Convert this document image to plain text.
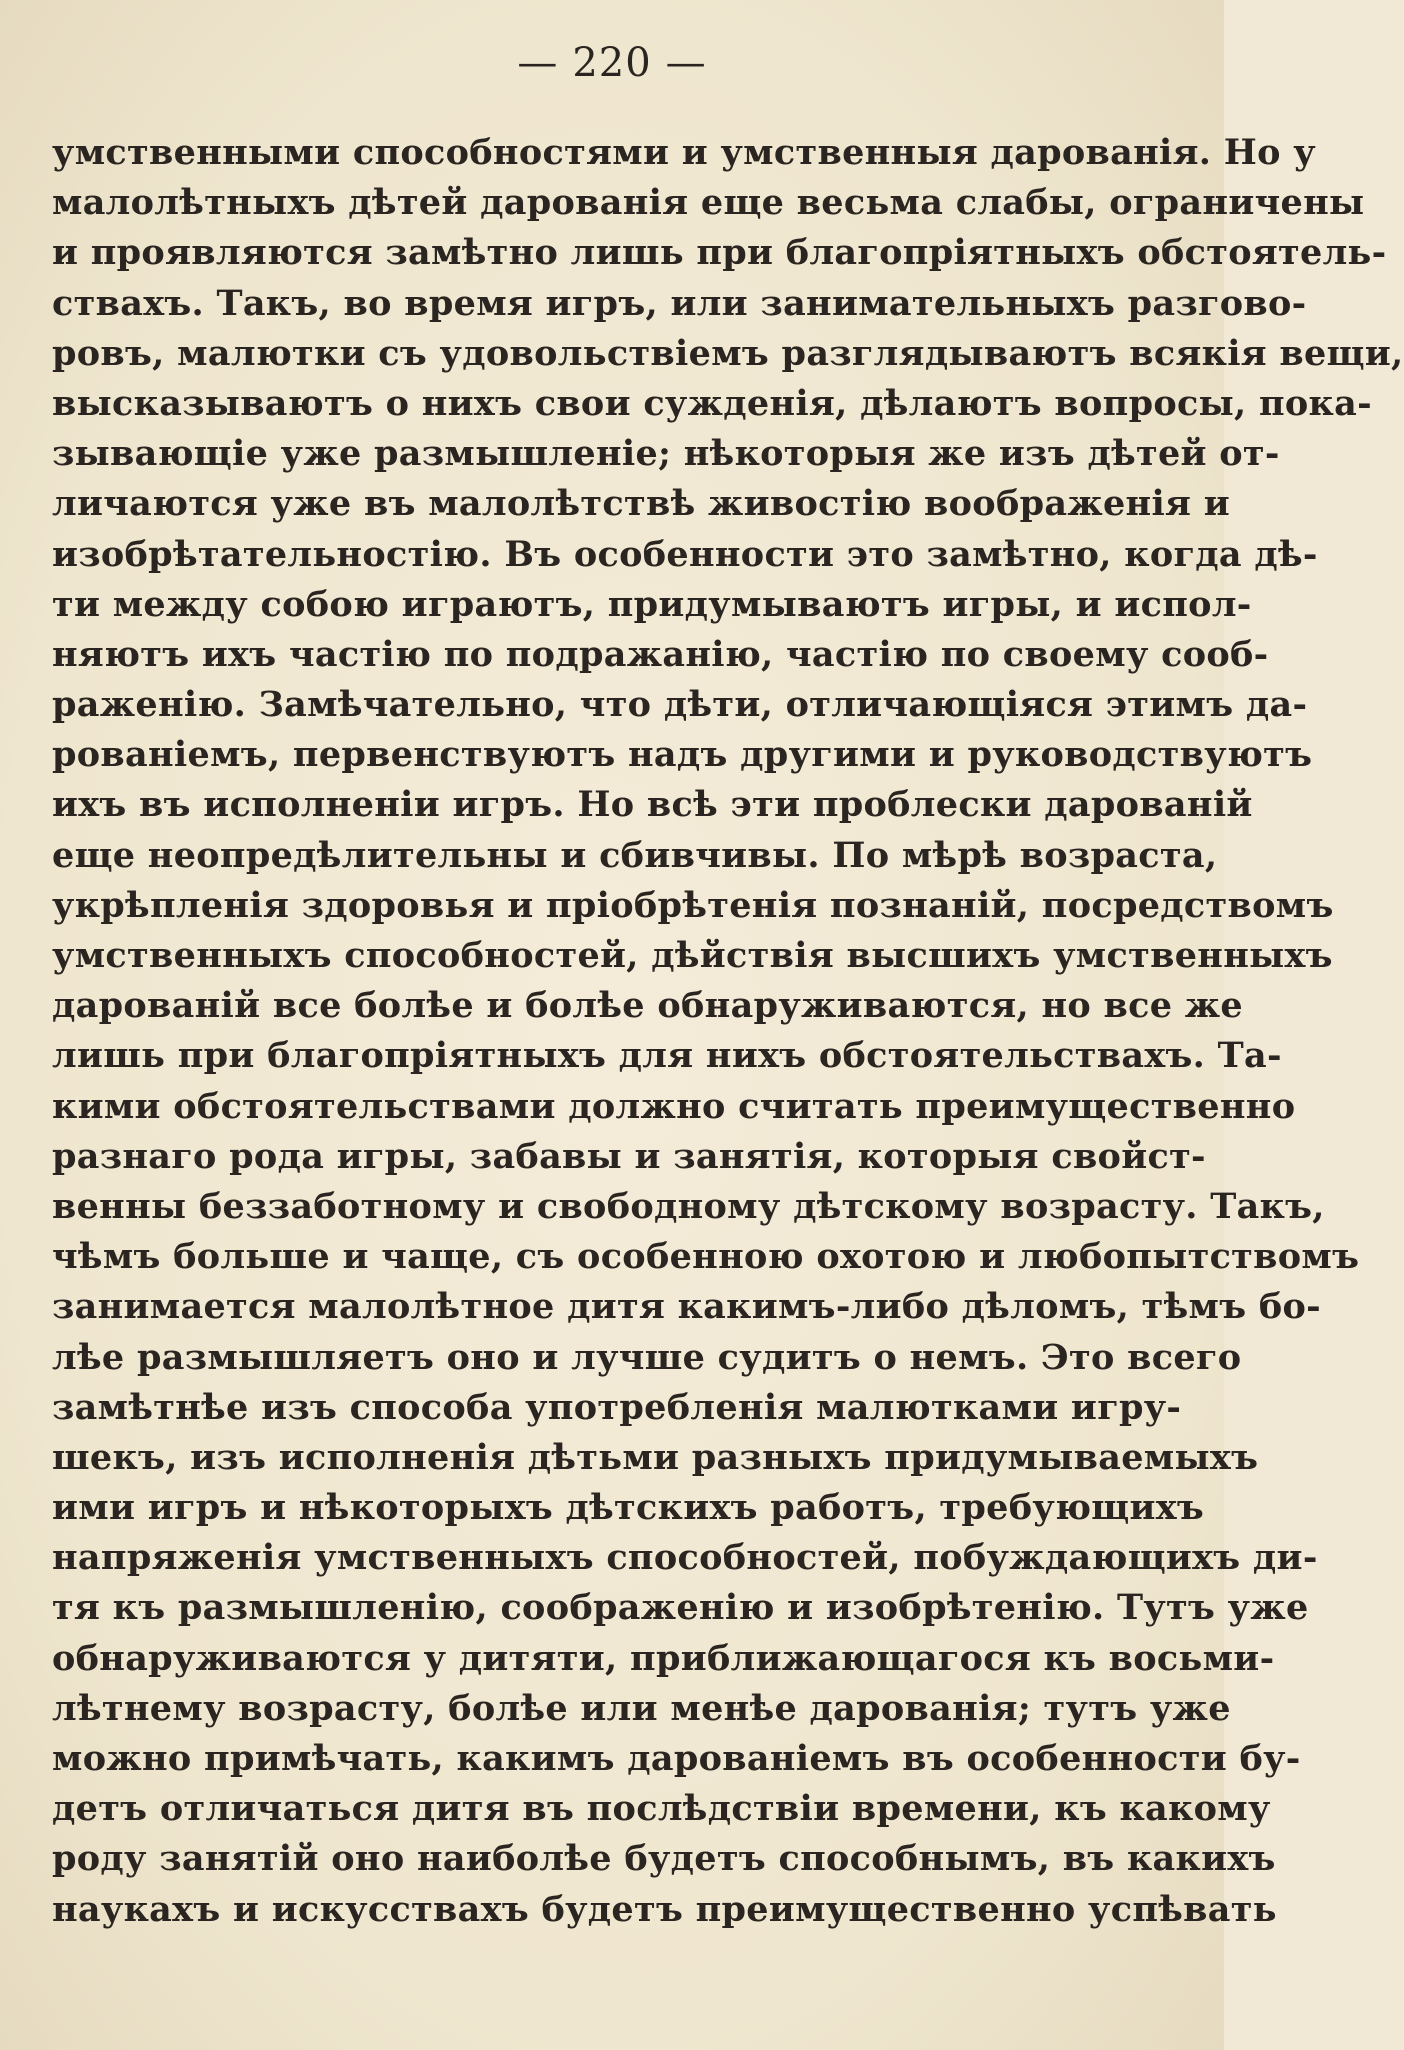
— 220 —
умственными способностями и умственныя дарованія. Но у
малолѣтныхъ дѣтей дарованія еще весьма слабы, ограничены
и проявляются замѣтно лишь при благопріятныхъ обстоятель-
ствахъ. Такъ, во время игръ, или занимательныхъ разгово-
ровъ, малютки съ удовольствіемъ разглядываютъ всякія вещи,
высказываютъ о нихъ свои сужденія, дѣлаютъ вопросы, пока-
зывающіе уже размышленіе; нѣкоторыя же изъ дѣтей от-
личаются уже въ малолѣтствѣ живостію воображенія и
изобрѣтательностію. Въ особенности это замѣтно, когда дѣ-
ти между собою играютъ, придумываютъ игры, и испол-
няютъ ихъ частію по подражанію, частію по своему сооб-
раженію. Замѣчательно, что дѣти, отличающіяся этимъ да-
рованіемъ, первенствуютъ надъ другими и руководствуютъ
ихъ въ исполненіи игръ. Но всѣ эти проблески дарованій
еще неопредѣлительны и сбивчивы. По мѣрѣ возраста,
укрѣпленія здоровья и пріобрѣтенія познаній, посредствомъ
умственныхъ способностей, дѣйствія высшихъ умственныхъ
дарованій все болѣе и болѣе обнаруживаются, но все же
лишь при благопріятныхъ для нихъ обстоятельствахъ. Та-
кими обстоятельствами должно считать преимущественно
разнаго рода игры, забавы и занятія, которыя свойст-
венны беззаботному и свободному дѣтскому возрасту. Такъ,
чѣмъ больше и чаще, съ особенною охотою и любопытствомъ
занимается малолѣтное дитя какимъ-либо дѣломъ, тѣмъ бо-
лѣе размышляетъ оно и лучше судитъ о немъ. Это всего
замѣтнѣе изъ способа употребленія малютками игру-
шекъ, изъ исполненія дѣтьми разныхъ придумываемыхъ
ими игръ и нѣкоторыхъ дѣтскихъ работъ, требующихъ
напряженія умственныхъ способностей, побуждающихъ ди-
тя къ размышленію, соображенію и изобрѣтенію. Тутъ уже
обнаруживаются у дитяти, приближающагося къ восьми-
лѣтнему возрасту, болѣе или менѣе дарованія; тутъ уже
можно примѣчать, какимъ дарованіемъ въ особенности бу-
детъ отличаться дитя въ послѣдствіи времени, къ какому
роду занятій оно наиболѣе будетъ способнымъ, въ какихъ
наукахъ и искусствахъ будетъ преимущественно успѣвать
